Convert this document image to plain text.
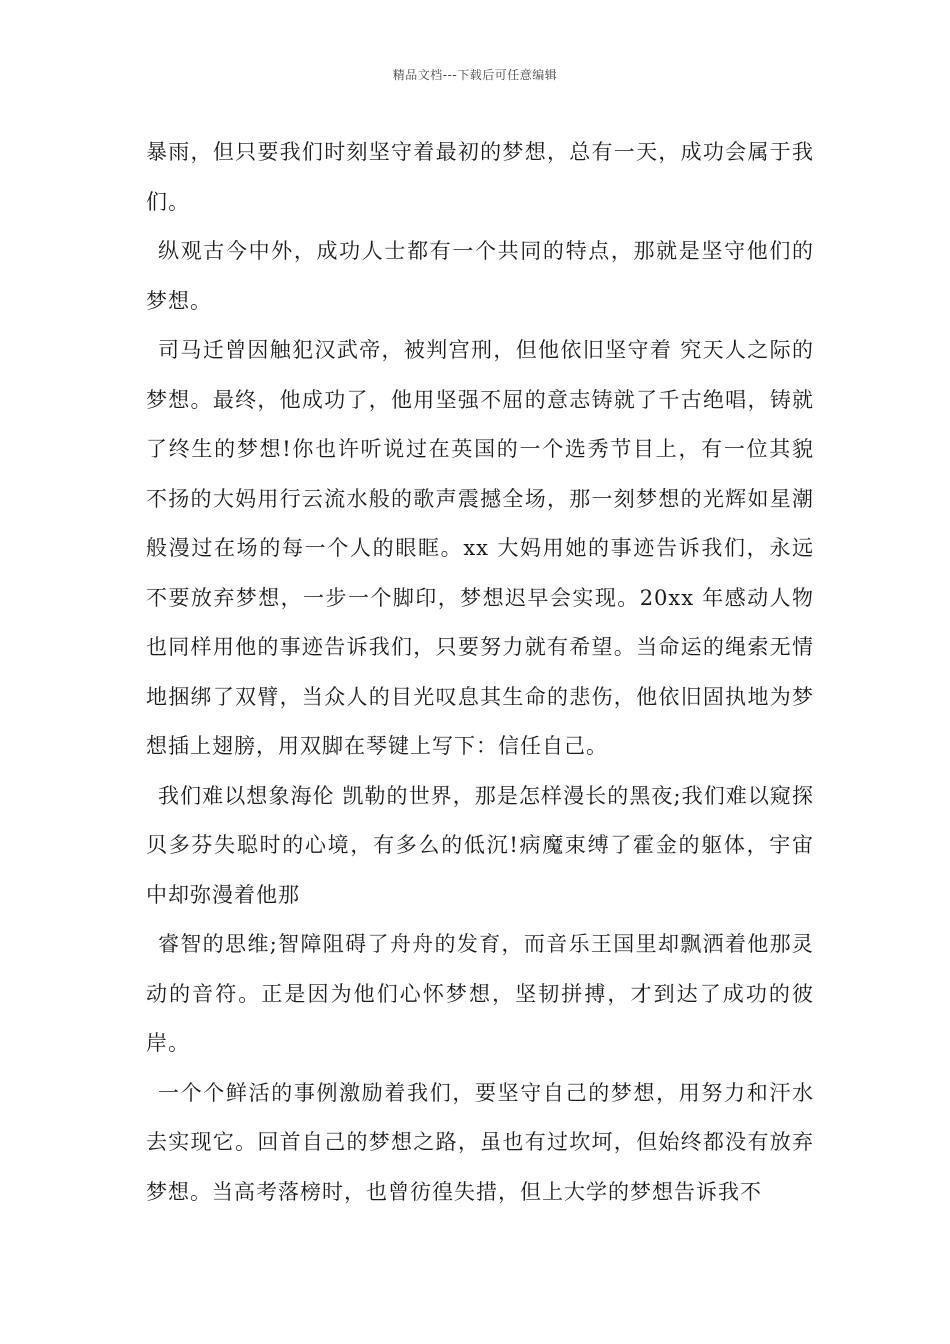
精品文档---下载后可任意编辑

暴雨，但只要我们时刻坚守着最初的梦想，总有一天，成功会属于我们。

纵观古今中外，成功人士都有一个共同的特点，那就是坚守他们的梦想。

司马迁曾因触犯汉武帝，被判宫刑，但他依旧坚守着 究天人之际的梦想。最终，他成功了，他用坚强不屈的意志铸就了千古绝唱，铸就了终生的梦想!你也许听说过在英国的一个选秀节目上，有一位其貌不扬的大妈用行云流水般的歌声震撼全场，那一刻梦想的光辉如星潮般漫过在场的每一个人的眼眶。xx 大妈用她的事迹告诉我们，永远不要放弃梦想，一步一个脚印，梦想迟早会实现。20xx 年感动人物也同样用他的事迹告诉我们，只要努力就有希望。当命运的绳索无情地捆绑了双臂，当众人的目光叹息其生命的悲伤，他依旧固执地为梦想插上翅膀，用双脚在琴键上写下：信任自己。

我们难以想象海伦 凯勒的世界，那是怎样漫长的黑夜;我们难以窥探贝多芬失聪时的心境，有多么的低沉!病魔束缚了霍金的躯体，宇宙中却弥漫着他那

睿智的思维;智障阻碍了舟舟的发育，而音乐王国里却飘洒着他那灵动的音符。正是因为他们心怀梦想，坚韧拼搏，才到达了成功的彼岸。

一个个鲜活的事例激励着我们，要坚守自己的梦想，用努力和汗水去实现它。回首自己的梦想之路，虽也有过坎坷，但始终都没有放弃梦想。当高考落榜时，也曾彷徨失措，但上大学的梦想告诉我不
